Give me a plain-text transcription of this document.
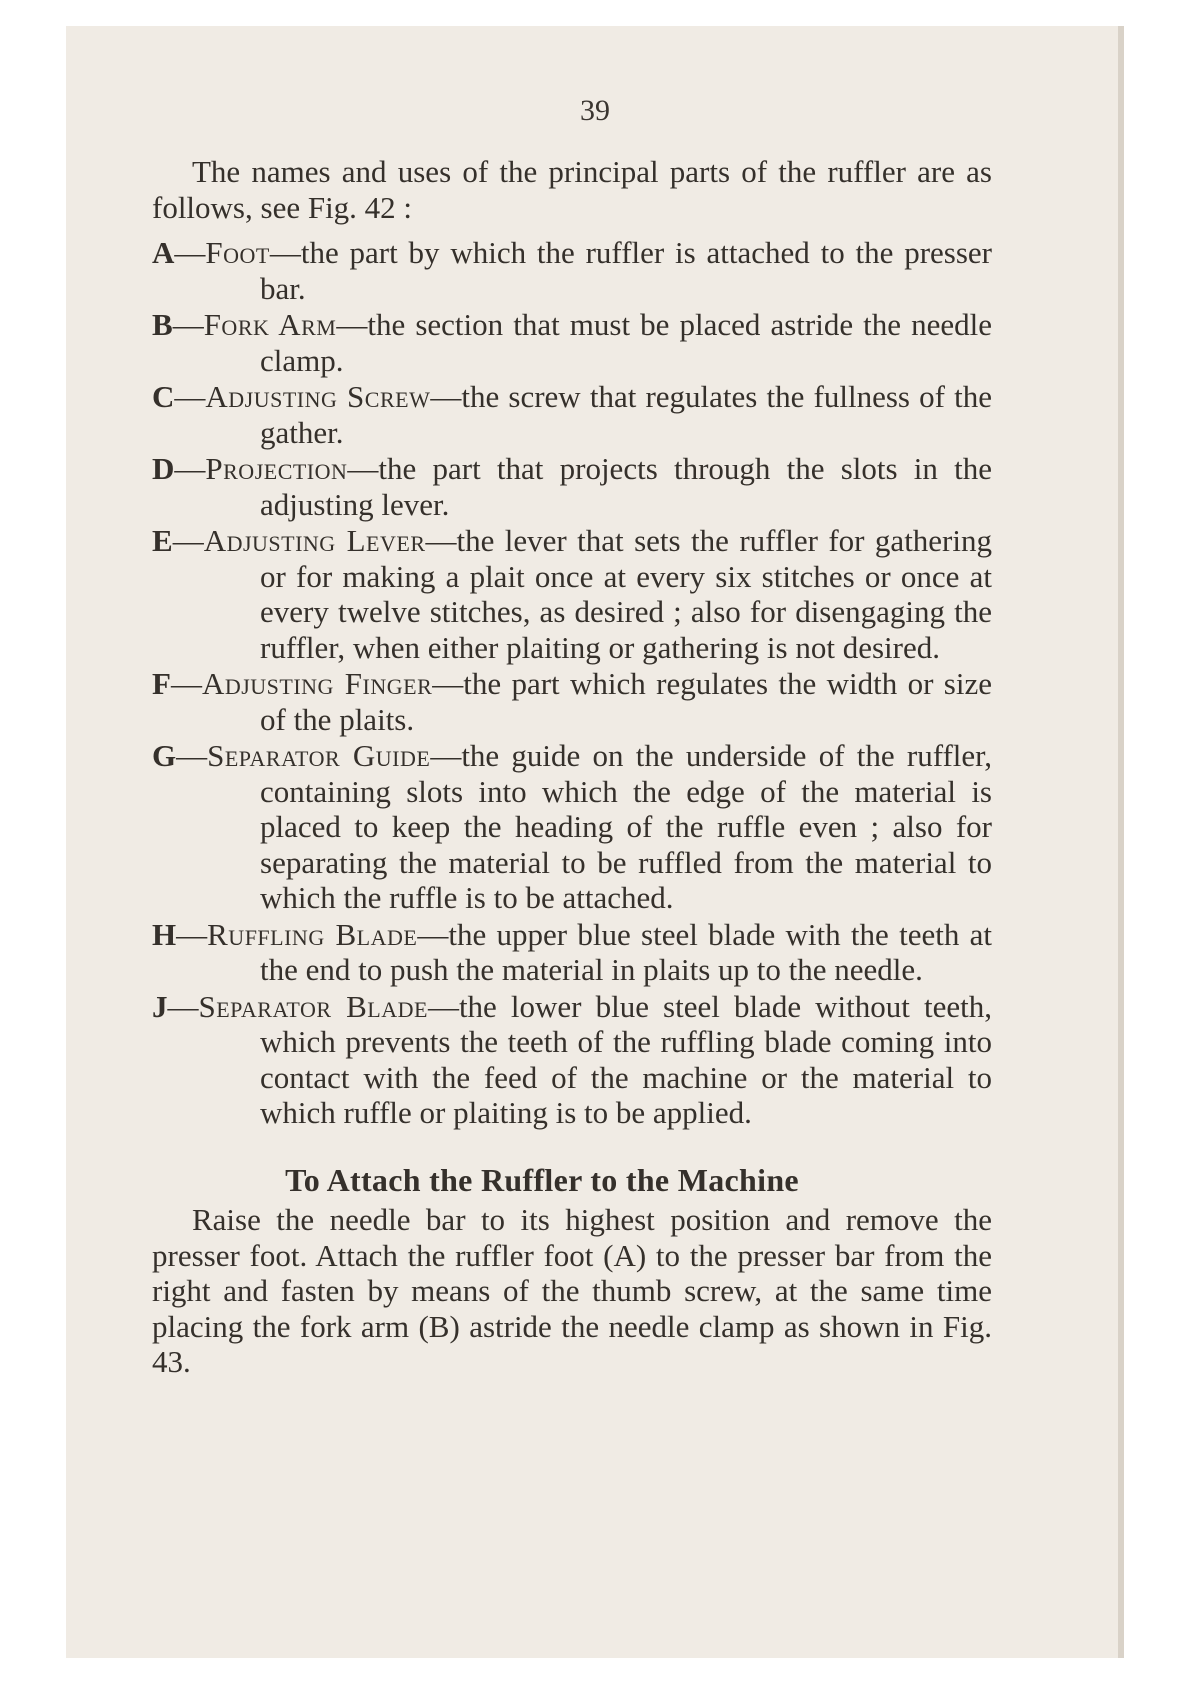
39

The names and uses of the principal parts of the ruffler are as follows, see Fig. 42 :

A—Foot—the part by which the ruffler is attached to the presser bar.
B—Fork Arm—the section that must be placed astride the needle clamp.
C—Adjusting Screw—the screw that regulates the fullness of the gather.
D—Projection—the part that projects through the slots in the adjusting lever.
E—Adjusting Lever—the lever that sets the ruffler for gathering or for making a plait once at every six stitches or once at every twelve stitches, as desired ; also for disengaging the ruffler, when either plaiting or gathering is not desired.
F—Adjusting Finger—the part which regulates the width or size of the plaits.
G—Separator Guide—the guide on the underside of the ruffler, containing slots into which the edge of the material is placed to keep the heading of the ruffle even ; also for separating the material to be ruffled from the material to which the ruffle is to be attached.
H—Ruffling Blade—the upper blue steel blade with the teeth at the end to push the material in plaits up to the needle.
J—Separator Blade—the lower blue steel blade without teeth, which prevents the teeth of the ruffling blade coming into contact with the feed of the machine or the material to which ruffle or plaiting is to be applied.
To Attach the Ruffler to the Machine

Raise the needle bar to its highest position and remove the presser foot. Attach the ruffler foot (A) to the presser bar from the right and fasten by means of the thumb screw, at the same time placing the fork arm (B) astride the needle clamp as shown in Fig. 43.
